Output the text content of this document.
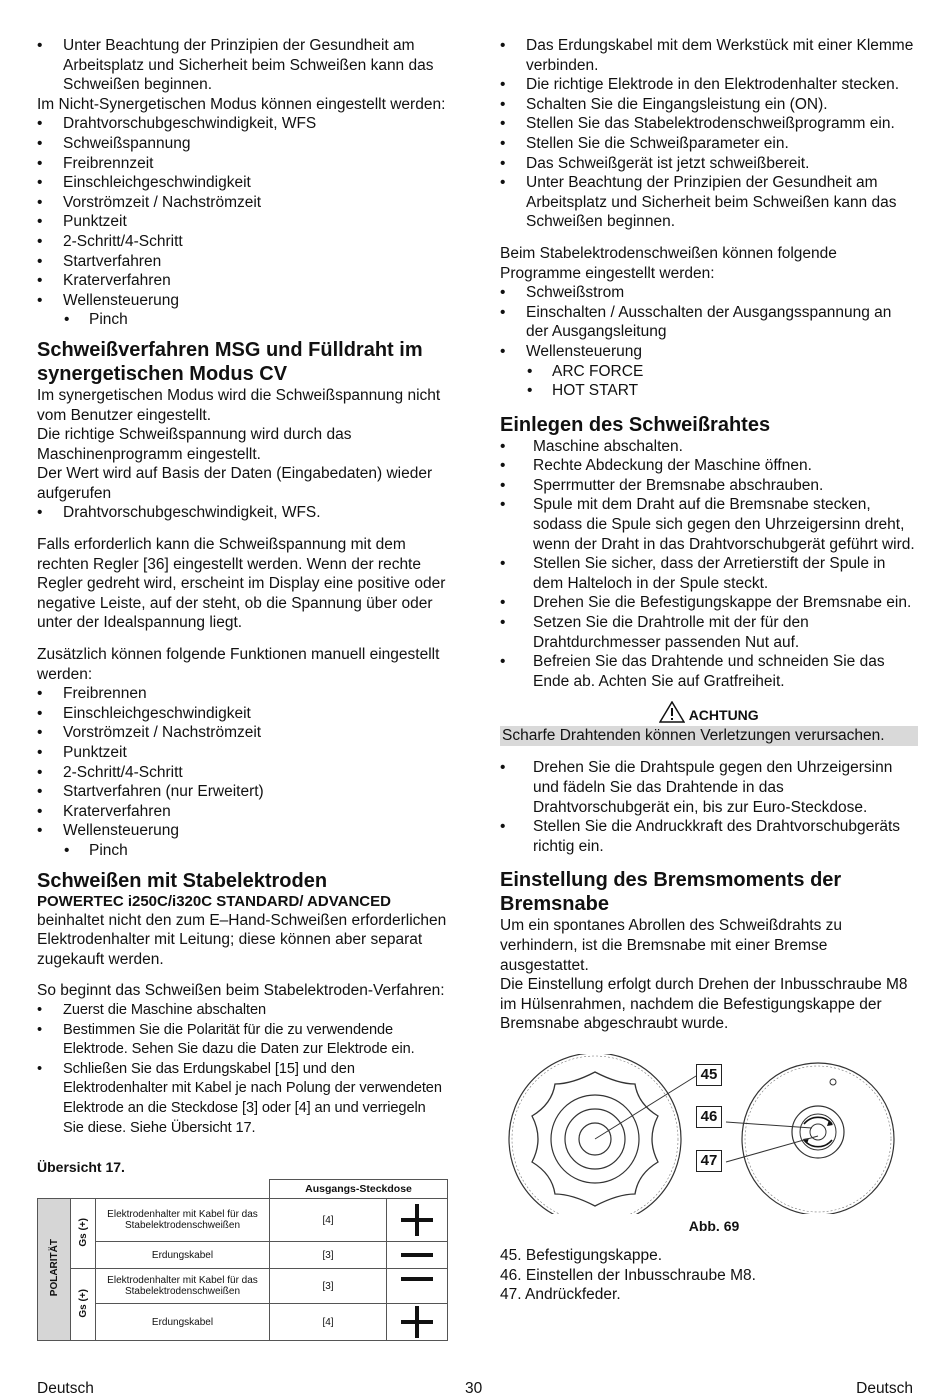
• Unter Beachtung der Prinzipien der Gesundheit am Arbeitsplatz und Sicherheit beim Schweißen kann das Schweißen beginnen.

Im Nicht-Synergetischen Modus können eingestellt werden:

• Drahtvorschubgeschwindigkeit, WFS
• Schweißspannung
• Freibrennzeit
• Einschleichgeschwindigkeit
• Vorströmzeit / Nachströmzeit
• Punktzeit
• 2-Schritt/4-Schritt
• Startverfahren
• Kraterverfahren
• Wellensteuerung
• Pinch
Schweißverfahren MSG und Fülldraht im synergetischen Modus CV

Im synergetischen Modus wird die Schweißspannung nicht vom Benutzer eingestellt.

Die richtige Schweißspannung wird durch das Maschinenprogramm eingestellt.

Der Wert wird auf Basis der Daten (Eingabedaten) wieder aufgerufen

• Drahtvorschubgeschwindigkeit, WFS.

Falls erforderlich kann die Schweißspannung mit dem rechten Regler [36] eingestellt werden. Wenn der rechte Regler gedreht wird, erscheint im Display eine positive oder negative Leiste, auf der steht, ob die Spannung über oder unter der Idealspannung liegt.

Zusätzlich können folgende Funktionen manuell eingestellt werden:

• Freibrennen
• Einschleichgeschwindigkeit
• Vorströmzeit / Nachströmzeit
• Punktzeit
• 2-Schritt/4-Schritt
• Startverfahren (nur Erweitert)
• Kraterverfahren
• Wellensteuerung
• Pinch
Schweißen mit Stabelektroden
POWERTEC i250C/i320C STANDARD/ ADVANCED

beinhaltet nicht den zum E–Hand-Schweißen erforderlichen Elektrodenhalter mit Leitung; diese können aber separat zugekauft werden.

So beginnt das Schweißen beim Stabelektroden-Verfahren:

• Zuerst die Maschine abschalten
• Bestimmen Sie die Polarität für die zu verwendende Elektrode. Sehen Sie dazu die Daten zur Elektrode ein.
• Schließen Sie das Erdungskabel [15] und den Elektrodenhalter mit Kabel je nach Polung der verwendeten Elektrode an die Steckdose [3] oder [4] an und verriegeln Sie diese. Siehe Übersicht 17.
Übersicht 17.
			Ausgangs-Steckdose	
POLARITÄT	Gs (+)	Elektrodenhalter mit Kabel für das Stabelektrodenschweißen	[4]	

		Erdungskabel	[3]	

	Gs (+)	Elektrodenhalter mit Kabel für das Stabelektrodenschweißen	[3]	

		Erdungskabel	[4]	
• Das Erdungskabel mit dem Werkstück mit einer Klemme verbinden.
• Die richtige Elektrode in den Elektrodenhalter stecken.
• Schalten Sie die Eingangsleistung ein (ON).
• Stellen Sie das Stabelektrodenschweißprogramm ein.
• Stellen Sie die Schweißparameter ein.
• Das Schweißgerät ist jetzt schweißbereit.
• Unter Beachtung der Prinzipien der Gesundheit am Arbeitsplatz und Sicherheit beim Schweißen kann das Schweißen beginnen.

Beim Stabelektrodenschweißen können folgende Programme eingestellt werden:

• Schweißstrom
• Einschalten / Ausschalten der Ausgangsspannung an der Ausgangsleitung
• Wellensteuerung
• ARC FORCE
• HOT START
Einlegen des Schweißrahtes
• Maschine abschalten.
• Rechte Abdeckung der Maschine öffnen.
• Sperrmutter der Bremsnabe abschrauben.
• Spule mit dem Draht auf die Bremsnabe stecken, sodass die Spule sich gegen den Uhrzeigersinn dreht, wenn der Draht in das Drahtvorschubgerät geführt wird.
• Stellen Sie sicher, dass der Arretierstift der Spule in dem Halteloch in der Spule steckt.
• Drehen Sie die Befestigungskappe der Bremsnabe ein.
• Setzen Sie die Drahtrolle mit der für den Drahtdurchmesser passenden Nut auf.
• Befreien Sie das Drahtende und schneiden Sie das Ende ab. Achten Sie auf Gratfreiheit.
ACHTUNG
Scharfe Drahtenden können Verletzungen verursachen.
• Drehen Sie die Drahtspule gegen den Uhrzeigersinn und fädeln Sie das Drahtende in das Drahtvorschubgerät ein, bis zur Euro-Steckdose.
• Stellen Sie die Andruckkraft des Drahtvorschubgeräts richtig ein.
Einstellung des Bremsmoments der Bremsnabe

Um ein spontanes Abrollen des Schweißdrahts zu verhindern, ist die Bremsnabe mit einer Bremse ausgestattet.

Die Einstellung erfolgt durch Drehen der Inbusschraube M8 im Hülsenrahmen, nachdem die Befestigungskappe der Bremsnabe abgeschraubt wurde.

45
46
47
Abb. 69

45. Befestigungskappe.

46. Einstellen der Inbusschraube M8.

47. Andrückfeder.

Deutsch	30	Deutsch
